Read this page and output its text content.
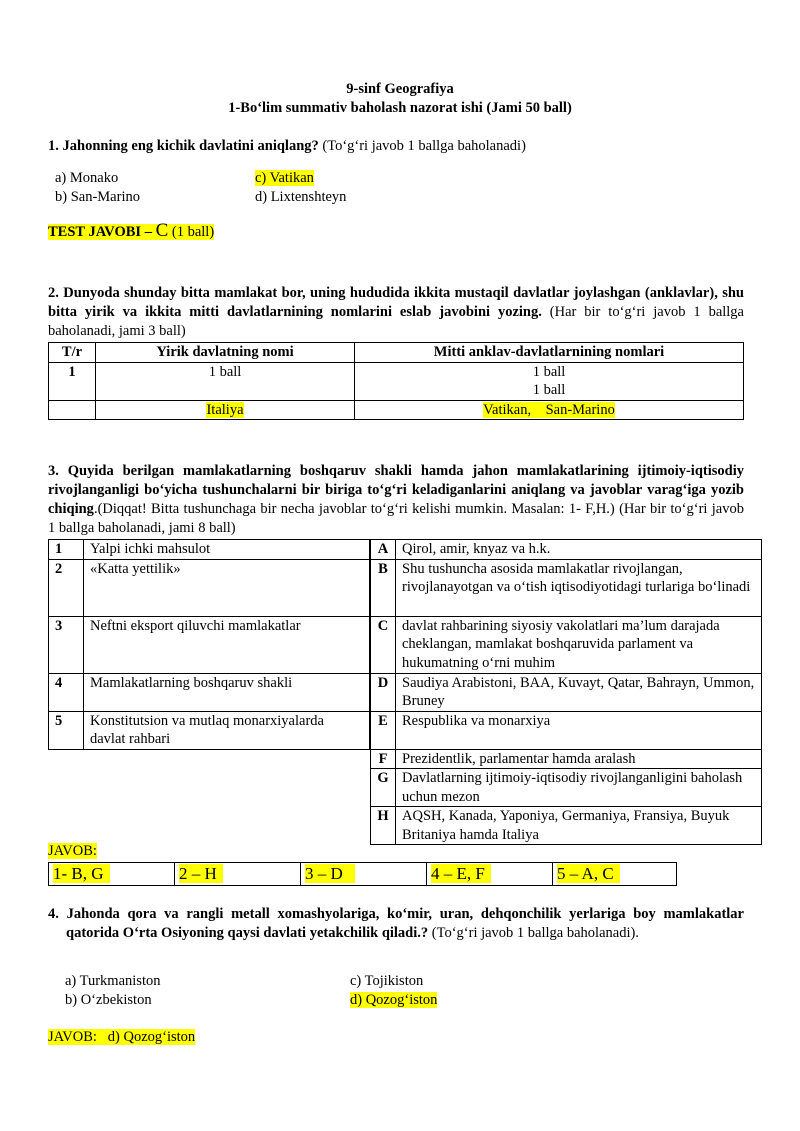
9-sinf Geografiya
1-Bo‘lim summativ baholash nazorat ishi (Jami 50 ball)
1. Jahonning eng kichik davlatini aniqlang? (To‘g‘ri javob 1 ballga baholanadi)
a) Monako
b) San-Marino
c) Vatikan
d) Lixtenshteyn
TEST JAVOBI – C (1 ball)
2. Dunyoda shunday bitta mamlakat bor, uning hududida ikkita mustaqil davlatlar joylashgan (anklavlar), shu bitta yirik va ikkita mitti davlatlarnining nomlarini eslab javobini yozing. (Har bir to‘g‘ri javob 1 ballga baholanadi, jami 3 ball)
T/r	Yirik davlatning nomi	Mitti anklav-davlatlarnining nomlari
1	1 ball	1 ball
1 ball

	Italiya	Vatikan,    San-Marino
3. Quyida berilgan mamlakatlarning boshqaruv shakli hamda jahon mamlakatlarining ijtimoiy-iqtisodiy rivojlanganligi bo‘yicha tushunchalarni bir biriga to‘g‘ri keladiganlarini aniqlang va javoblar varag‘iga yozib chiqing.(Diqqat! Bitta tushunchaga bir necha javoblar to‘g‘ri kelishi mumkin. Masalan: 1- F,H.) (Har bir to‘g‘ri javob 1 ballga baholanadi, jami 8 ball)
1	Yalpi ichki mahsulot
2	«Katta yettilik»
3	Neftni eksport qiluvchi mamlakatlar
4	Mamlakatlarning boshqaruv shakli
5	Konstitutsion va mutlaq monarxiyalarda davlat rahbari
A	Qirol, amir, knyaz va h.k.
B	Shu tushuncha asosida mamlakatlar rivojlangan, rivojlanayotgan va o‘tish iqtisodiyotidagi turlariga bo‘linadi
C	davlat rahbarining siyosiy vakolatlari ma’lum darajada cheklangan, mamlakat boshqaruvida parlament va hukumatning o‘rni muhim
D	Saudiya Arabistoni, BAA, Kuvayt, Qatar, Bahrayn, Ummon, Bruney
E	Respublika va monarxiya
F	Prezidentlik, parlamentar hamda aralash
G	Davlatlarning ijtimoiy-iqtisodiy rivojlanganligini baholash uchun mezon
H	AQSH, Kanada, Yaponiya, Germaniya, Fransiya, Buyuk Britaniya hamda Italiya
JAVOB:
1- B, G	2 – H	3 – D	4 – E, F	5 – A, C
4. Jahonda qora va rangli metall xomashyolariga, ko‘mir, uran, dehqonchilik yerlariga boy mamlakatlar qatorida O‘rta Osiyoning qaysi davlati yetakchilik qiladi.? (To‘g‘ri javob 1 ballga baholanadi).
a) Turkmaniston
b) O‘zbekiston
c) Tojikiston
d) Qozog‘iston
JAVOB:   d) Qozog‘iston
